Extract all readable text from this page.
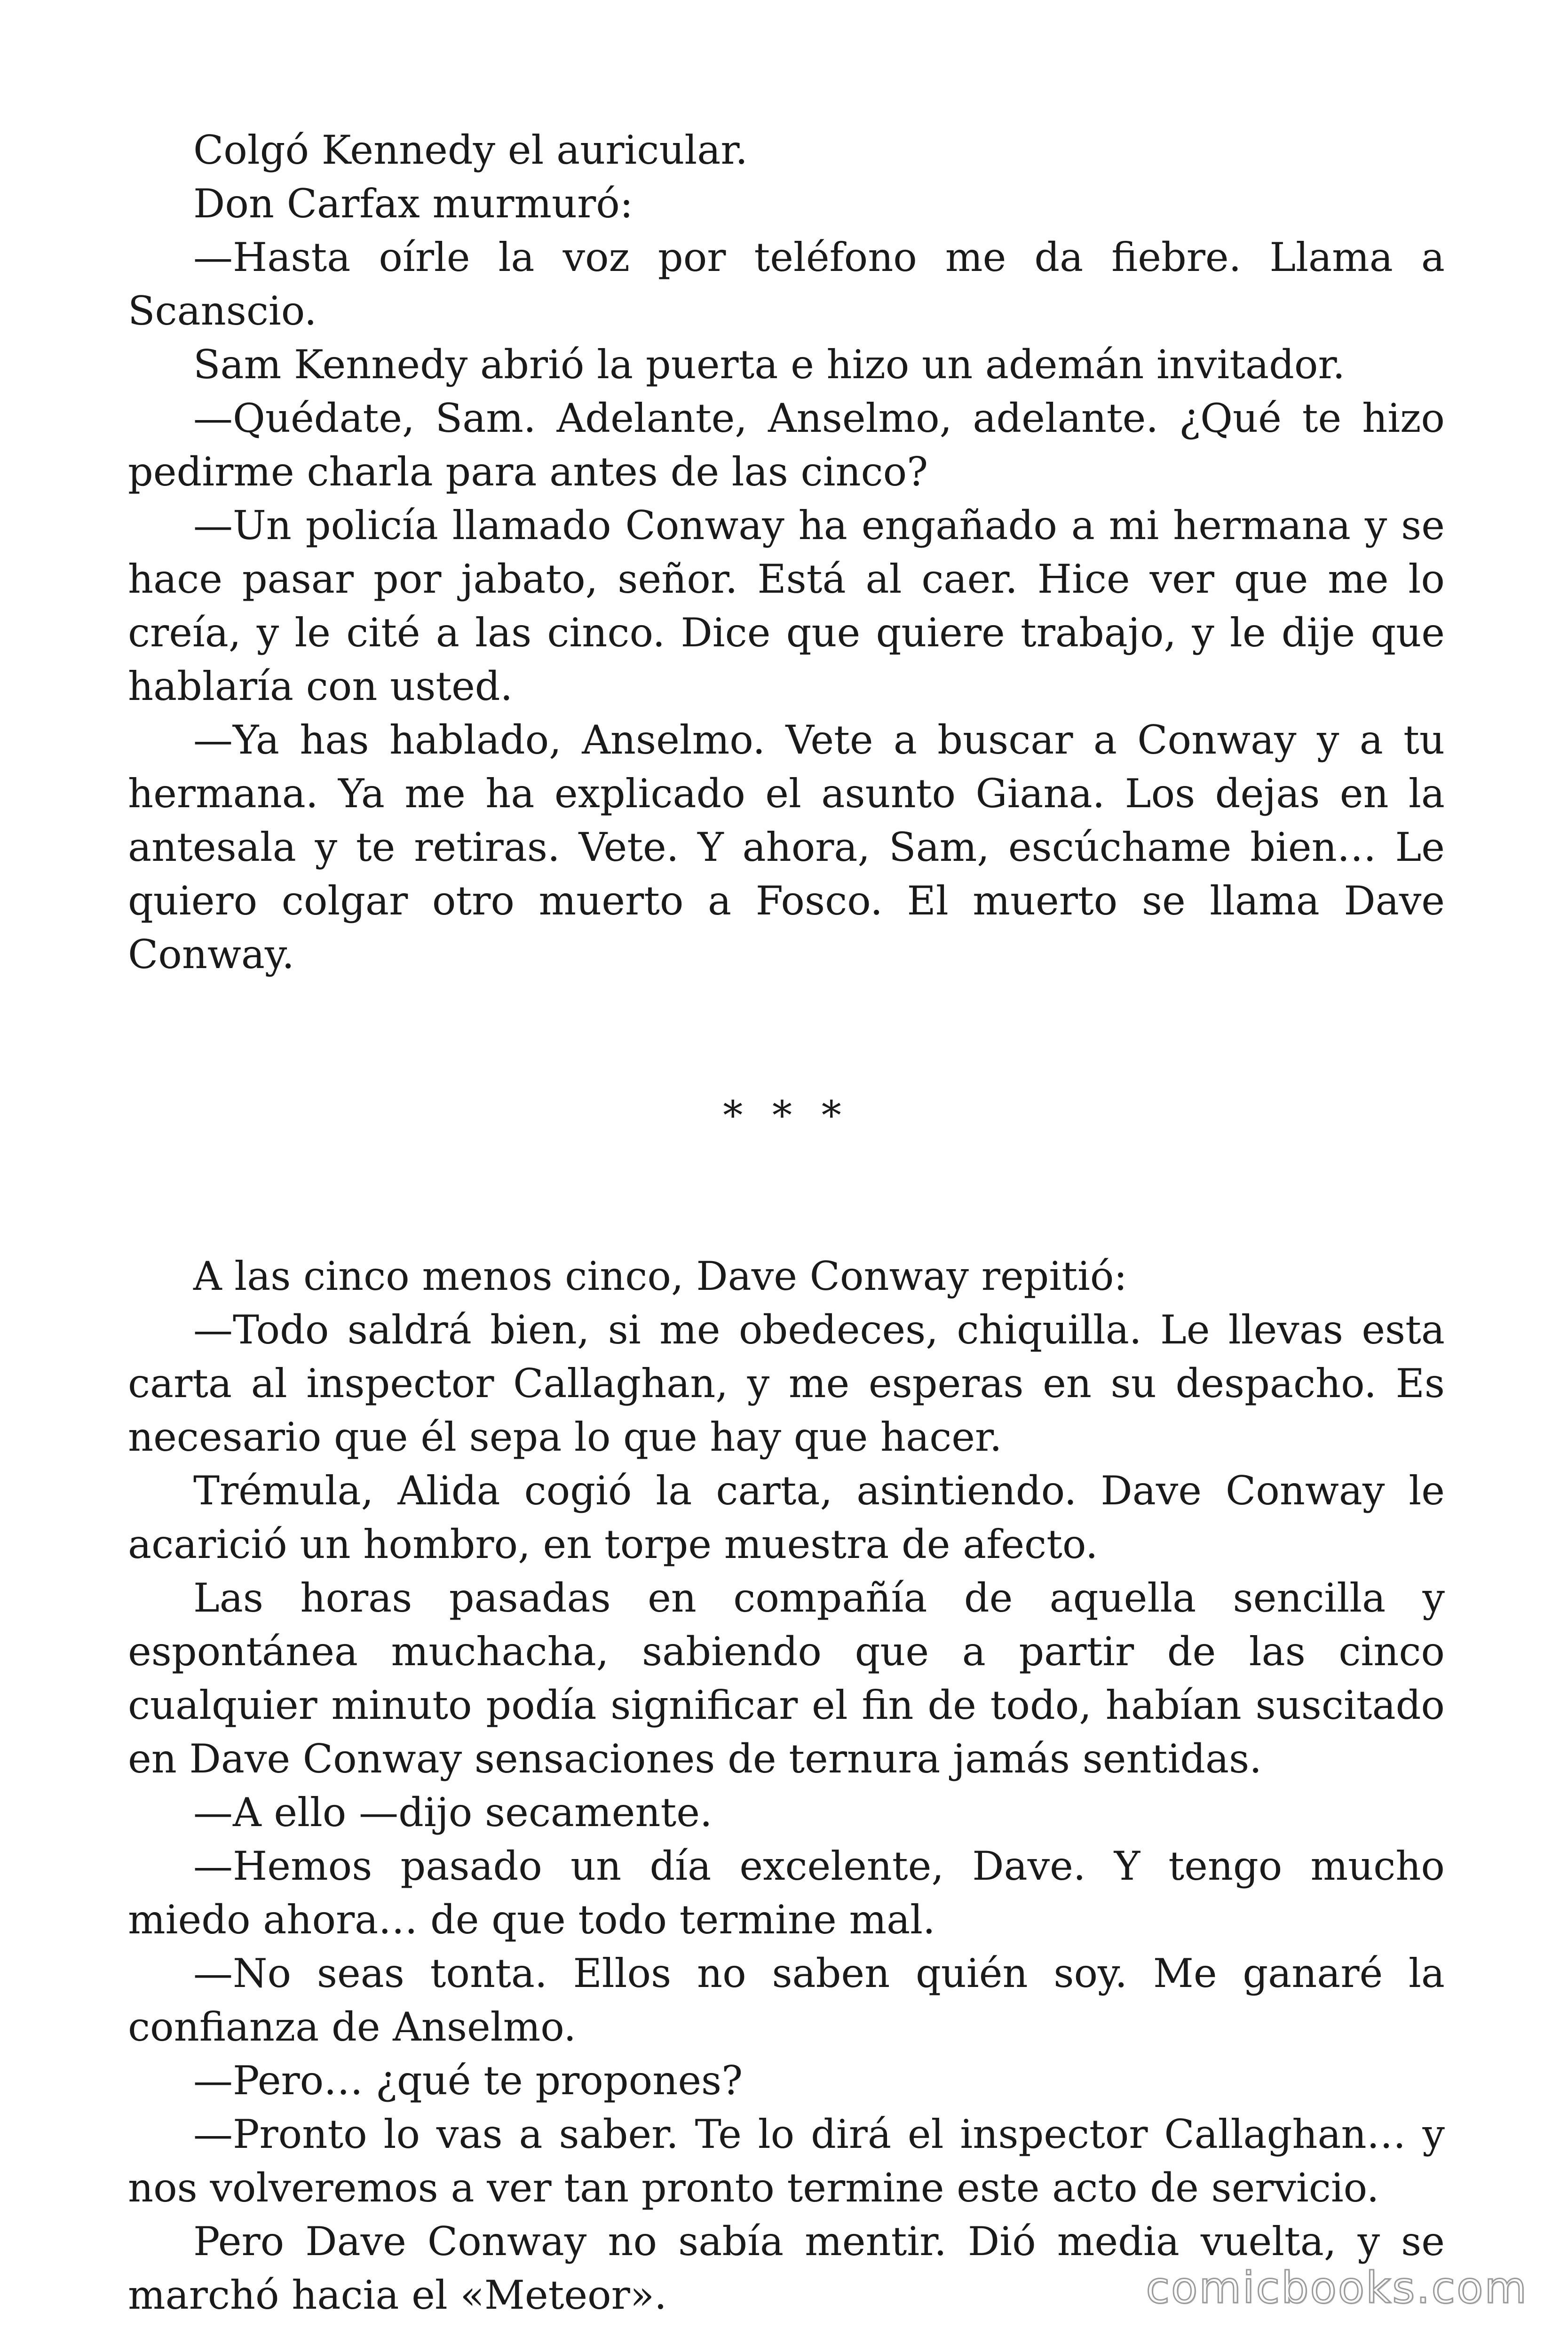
Colgó Kennedy el auricular.

Don Carfax murmuró:

—Hasta oírle la voz por teléfono me da fiebre. Llama a Scanscio.

Sam Kennedy abrió la puerta e hizo un ademán invitador.

—Quédate, Sam. Adelante, Anselmo, adelante. ¿Qué te hizo pedirme charla para antes de las cinco?

—Un policía llamado Conway ha engañado a mi hermana y se hace pasar por jabato, señor. Está al caer. Hice ver que me lo creía, y le cité a las cinco. Dice que quiere trabajo, y le dije que hablaría con usted.

—Ya has hablado, Anselmo. Vete a buscar a Conway y a tu hermana. Ya me ha explicado el asunto Giana. Los dejas en la antesala y te retiras. Vete. Y ahora, Sam, escúchame bien… Le quiero colgar otro muerto a Fosco. El muerto se llama Dave Conway.

* * *

A las cinco menos cinco, Dave Conway repitió:

—Todo saldrá bien, si me obedeces, chiquilla. Le llevas esta carta al inspector Callaghan, y me esperas en su despacho. Es necesario que él sepa lo que hay que hacer.

Trémula, Alida cogió la carta, asintiendo. Dave Conway le acarició un hombro, en torpe muestra de afecto.

Las horas pasadas en compañía de aquella sencilla y espontánea muchacha, sabiendo que a partir de las cinco cualquier minuto podía significar el fin de todo, habían suscitado en Dave Conway sensaciones de ternura jamás sentidas.

—A ello —dijo secamente.

—Hemos pasado un día excelente, Dave. Y tengo mucho miedo ahora… de que todo termine mal.

—No seas tonta. Ellos no saben quién soy. Me ganaré la confianza de Anselmo.

—Pero… ¿qué te propones?

—Pronto lo vas a saber. Te lo dirá el inspector Callaghan… y nos volveremos a ver tan pronto termine este acto de servicio.

Pero Dave Conway no sabía mentir. Dió media vuelta, y se marchó hacia el «Meteor».	comicbooks.com
